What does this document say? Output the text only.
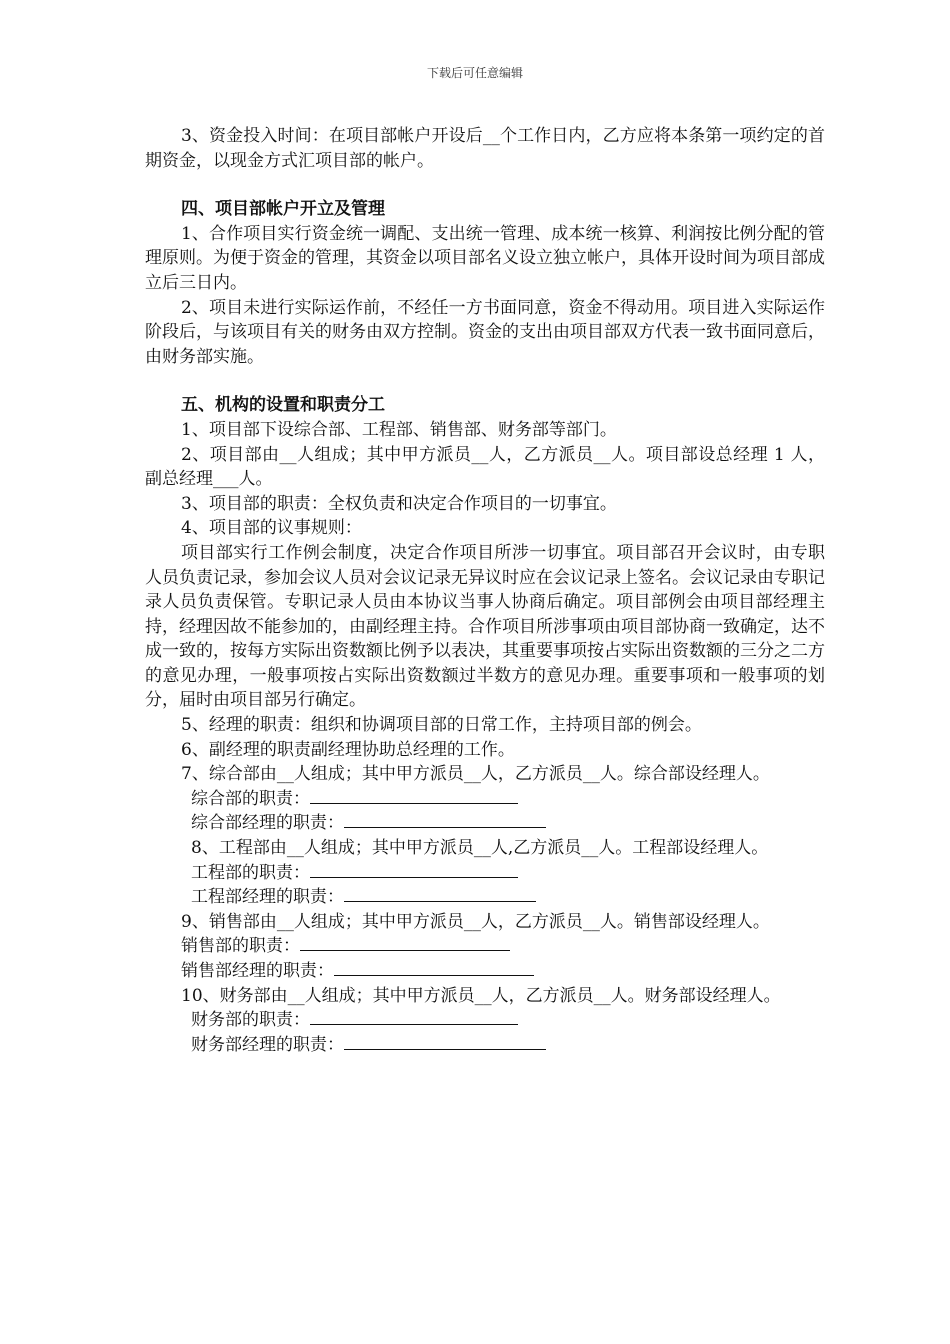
下载后可任意编辑

3、资金投入时间：在项目部帐户开设后__个工作日内，乙方应将本条第一项约定的首期资金，以现金方式汇项目部的帐户。

四、项目部帐户开立及管理

1、合作项目实行资金统一调配、支出统一管理、成本统一核算、利润按比例分配的管理原则。为便于资金的管理，其资金以项目部名义设立独立帐户，具体开设时间为项目部成立后三日内。

2、项目未进行实际运作前，不经任一方书面同意，资金不得动用。项目进入实际运作阶段后，与该项目有关的财务由双方控制。资金的支出由项目部双方代表一致书面同意后，由财务部实施。

五、机构的设置和职责分工

1、项目部下设综合部、工程部、销售部、财务部等部门。

2、项目部由__人组成；其中甲方派员__人，乙方派员__人。项目部设总经理 1 人，副总经理___人。

3、项目部的职责：全权负责和决定合作项目的一切事宜。

4、项目部的议事规则：

项目部实行工作例会制度，决定合作项目所涉一切事宜。项目部召开会议时，由专职人员负责记录，参加会议人员对会议记录无异议时应在会议记录上签名。会议记录由专职记录人员负责保管。专职记录人员由本协议当事人协商后确定。项目部例会由项目部经理主持，经理因故不能参加的，由副经理主持。合作项目所涉事项由项目部协商一致确定，达不成一致的，按每方实际出资数额比例予以表决，其重要事项按占实际出资数额的三分之二方的意见办理，一般事项按占实际出资数额过半数方的意见办理。重要事项和一般事项的划分，届时由项目部另行确定。

5、经理的职责：组织和协调项目部的日常工作，主持项目部的例会。

6、副经理的职责副经理协助总经理的工作。

7、综合部由__人组成；其中甲方派员__人，乙方派员__人。综合部设经理人。

综合部的职责：

综合部经理的职责：

8、工程部由__人组成；其中甲方派员__人,乙方派员__人。工程部设经理人。

工程部的职责：

工程部经理的职责：

9、销售部由__人组成；其中甲方派员__人，乙方派员__人。销售部设经理人。

销售部的职责：

销售部经理的职责：

10、财务部由__人组成；其中甲方派员__人，乙方派员__人。财务部设经理人。

财务部的职责：

财务部经理的职责：
